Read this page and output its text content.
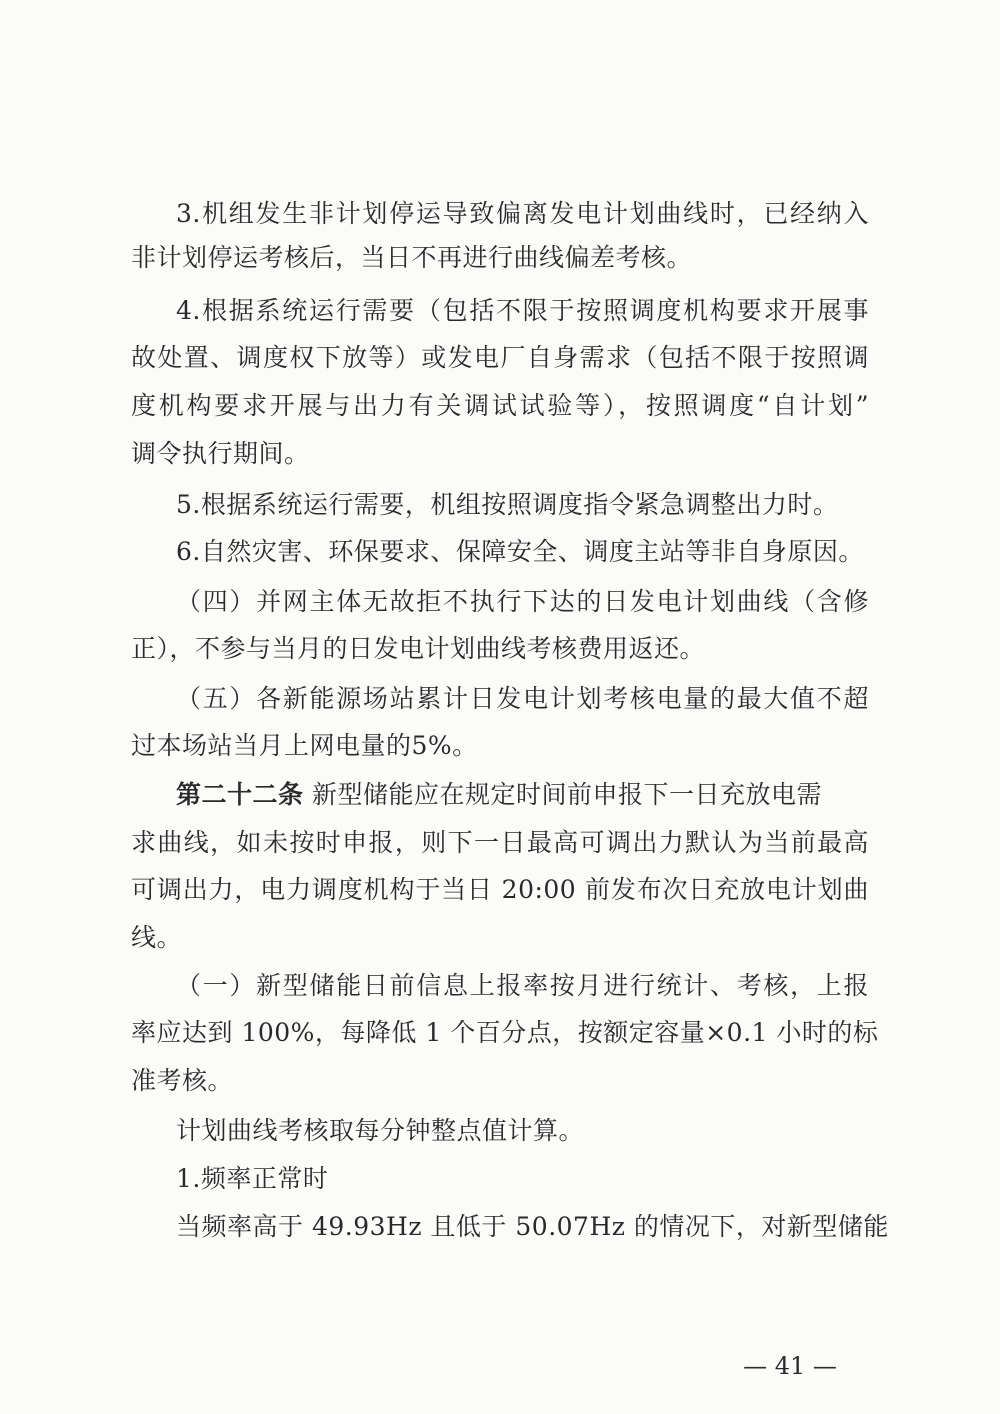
3.机组发生非计划停运导致偏离发电计划曲线时，已经纳入

非计划停运考核后，当日不再进行曲线偏差考核。

4.根据系统运行需要（包括不限于按照调度机构要求开展事

故处置、调度权下放等）或发电厂自身需求（包括不限于按照调

度机构要求开展与出力有关调试试验等），按照调度“自计划”

调令执行期间。

5.根据系统运行需要，机组按照调度指令紧急调整出力时。

6.自然灾害、环保要求、保障安全、调度主站等非自身原因。

（四）并网主体无故拒不执行下达的日发电计划曲线（含修

正），不参与当月的日发电计划曲线考核费用返还。

（五）各新能源场站累计日发电计划考核电量的最大值不超

过本场站当月上网电量的5%。

第二十二条 新型储能应在规定时间前申报下一日充放电需

求曲线，如未按时申报，则下一日最高可调出力默认为当前最高

可调出力，电力调度机构于当日 20:00 前发布次日充放电计划曲

线。

（一）新型储能日前信息上报率按月进行统计、考核，上报

率应达到 100%，每降低 1 个百分点，按额定容量×0.1 小时的标

准考核。

计划曲线考核取每分钟整点值计算。

1.频率正常时

当频率高于 49.93Hz 且低于 50.07Hz 的情况下，对新型储能

— 41 —
